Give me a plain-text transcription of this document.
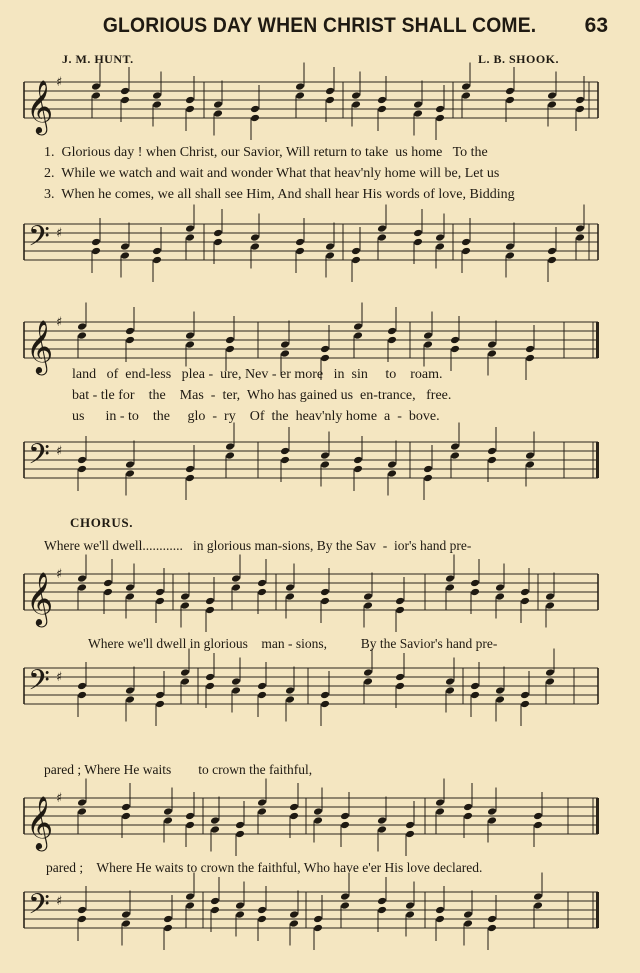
GLORIOUS DAY WHEN CHRIST SHALL COME.	63
J. M. HUNT.	L. B. SHOOK.
𝄞 ♯
1.  Glorious day ! when Christ, our Savior, Will return to take  us home   To the
2.  While we watch and wait and wonder What that heav'nly home will be, Let us
3.  When he comes, we all shall see Him, And shall hear His words of love, Bidding
𝄢 ♯
𝄞 ♯
land   of  end-less   plea -  ure, Nev - er more   in  sin     to    roam.
bat - tle for    the    Mas  -  ter,  Who has gained us  en-trance,   free.
us      in - to    the     glo  -  ry    Of  the  heav'nly home  a  -  bove.
𝄢 ♯
CHORUS.
Where we'll dwell............   in glorious man-sions, By the Sav  -  ior's hand pre-
𝄞 ♯
Where we'll dwell in glorious    man - sions,          By the Savior's hand pre-
𝄢 ♯
pared ; Where He waits        to crown the faithful,
𝄞 ♯
pared ;    Where He waits to crown the faithful, Who have e'er His love declared.
𝄢 ♯
